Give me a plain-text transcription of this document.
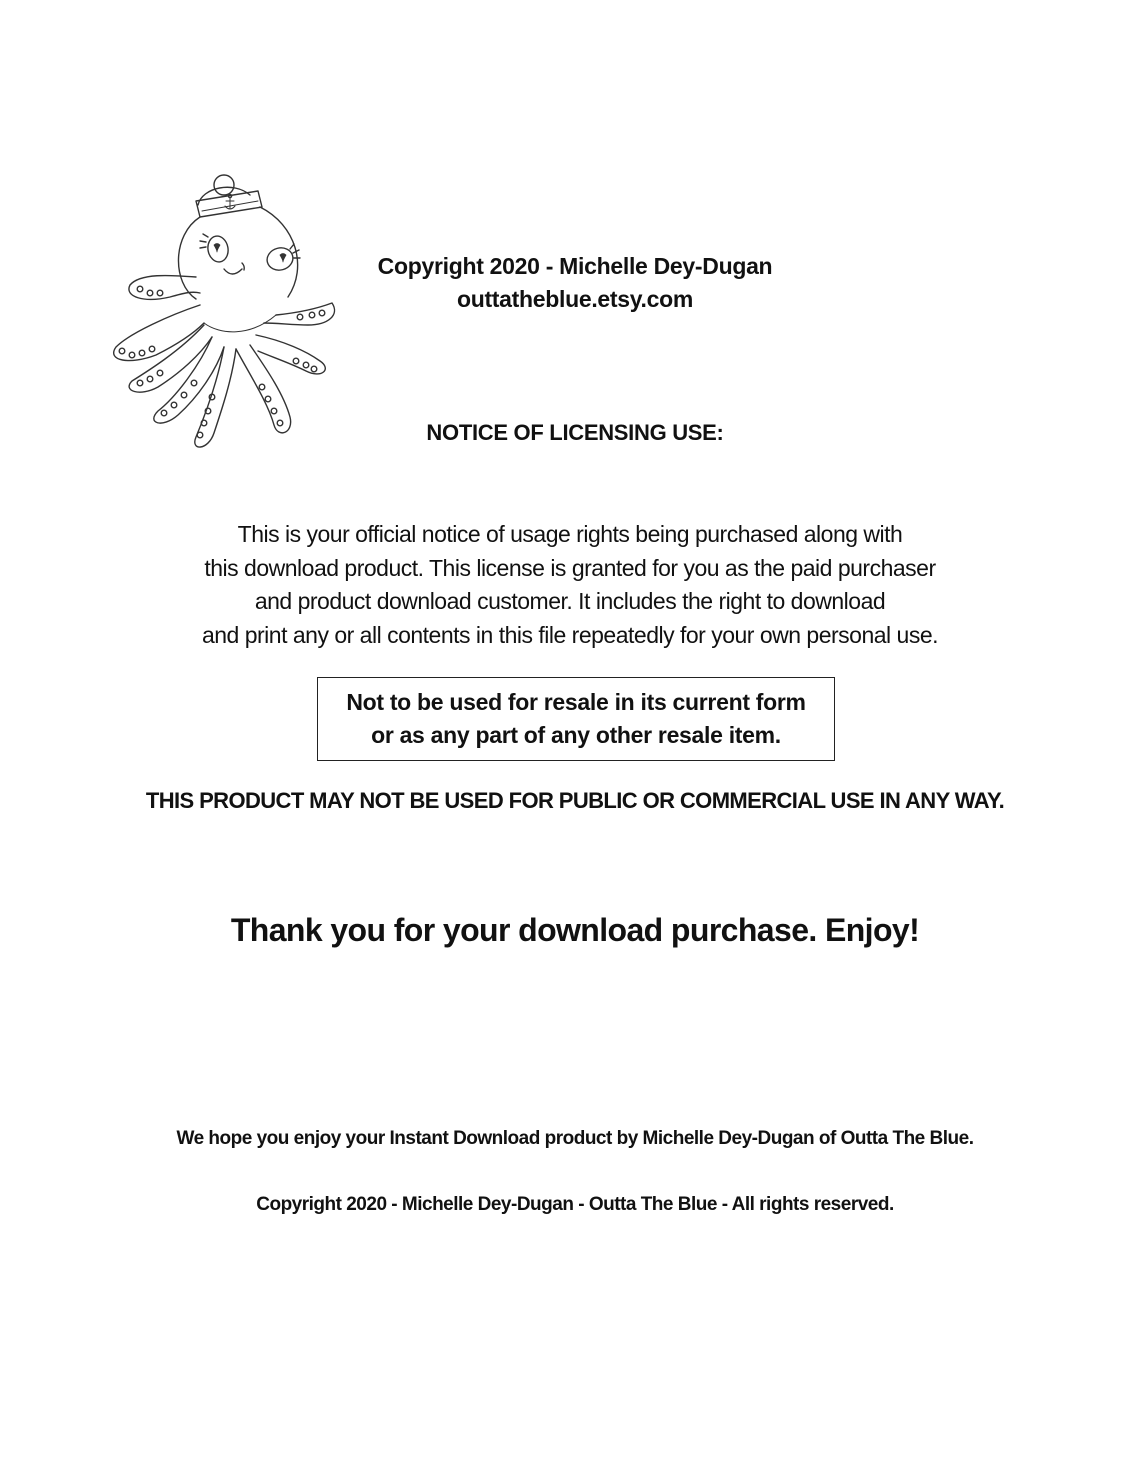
Copyright 2020 - Michelle Dey-Dugan
outtatheblue.etsy.com
NOTICE OF LICENSING USE:
This is your official notice of usage rights being purchased along with
this download product. This license is granted for you as the paid purchaser
and product download customer. It includes the right to download
and print any or all contents in this file repeatedly for your own personal use.
Not to be used for resale in its current form
or as any part of any other resale item.
THIS PRODUCT MAY NOT BE USED FOR PUBLIC OR COMMERCIAL USE IN ANY WAY.
Thank you for your download purchase. Enjoy!
We hope you enjoy your Instant Download product by Michelle Dey-Dugan of Outta The Blue.
Copyright 2020 - Michelle Dey-Dugan - Outta The Blue - All rights reserved.
